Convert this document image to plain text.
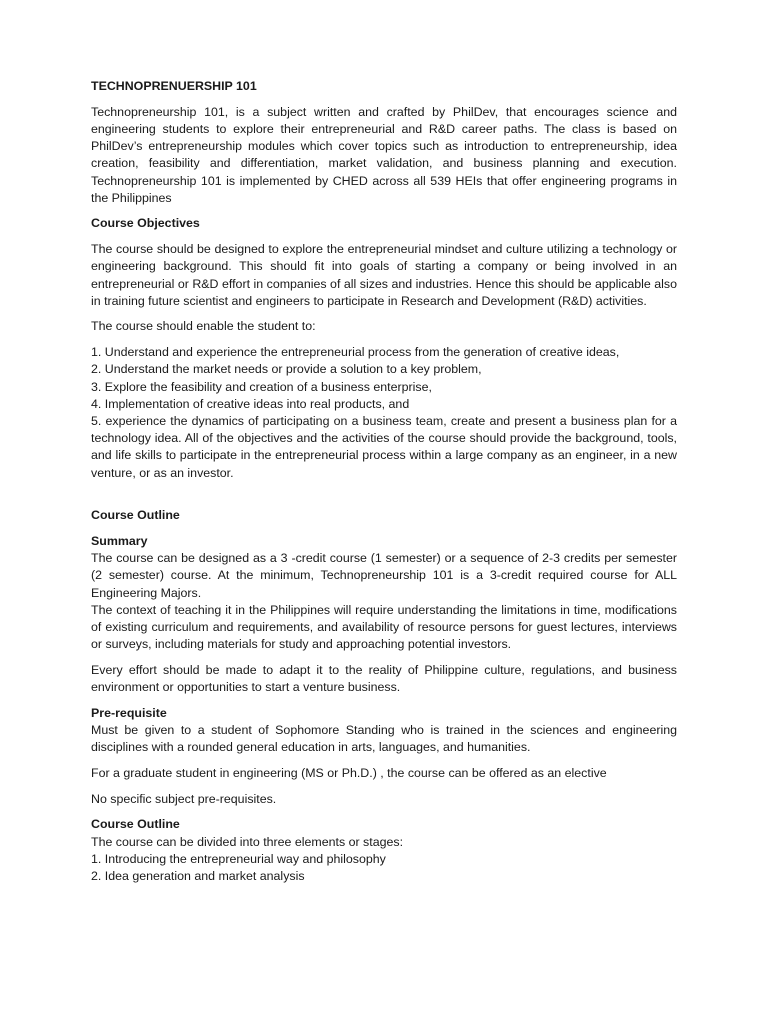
TECHNOPRENUERSHIP 101

Technopreneurship 101, is a subject written and crafted by PhilDev, that encourages science and engineering students to explore their entrepreneurial and R&D career paths. The class is based on PhilDev’s entrepreneurship modules which cover topics such as introduction to entrepreneurship, idea creation, feasibility and differentiation, market validation, and business planning and execution. Technopreneurship 101 is implemented by CHED across all 539 HEIs that offer engineering programs in the Philippines

Course Objectives

The course should be designed to explore the entrepreneurial mindset and culture utilizing a technology or engineering background. This should fit into goals of starting a company or being involved in an entrepreneurial or R&D effort in companies of all sizes and industries. Hence this should be applicable also in training future scientist and engineers to participate in Research and Development (R&D) activities.

The course should enable the student to:

1. Understand and experience the entrepreneurial process from the generation of creative ideas,
2. Understand the market needs or provide a solution to a key problem,
3. Explore the feasibility and creation of a business enterprise,
4. Implementation of creative ideas into real products, and
5. experience the dynamics of participating on a business team, create and present a business plan for a technology idea. All of the objectives and the activities of the course should provide the background, tools, and life skills to participate in the entrepreneurial process within a large company as an engineer, in a new venture, or as an investor.

Course Outline

Summary
The course can be designed as a 3 -credit course (1 semester) or a sequence of 2-3 credits per semester (2 semester) course. At the minimum, Technopreneurship 101 is a 3-credit required course for ALL Engineering Majors.
The context of teaching it in the Philippines will require understanding the limitations in time, modifications of existing curriculum and requirements, and availability of resource persons for guest lectures, interviews or surveys, including materials for study and approaching potential investors.

Every effort should be made to adapt it to the reality of Philippine culture, regulations, and business environment or opportunities to start a venture business.

Pre-requisite
Must be given to a student of Sophomore Standing who is trained in the sciences and engineering disciplines with a rounded general education in arts, languages, and humanities.

For a graduate student in engineering (MS or Ph.D.) , the course can be offered as an elective

No specific subject pre-requisites.

Course Outline
The course can be divided into three elements or stages:
1. Introducing the entrepreneurial way and philosophy
2. Idea generation and market analysis
